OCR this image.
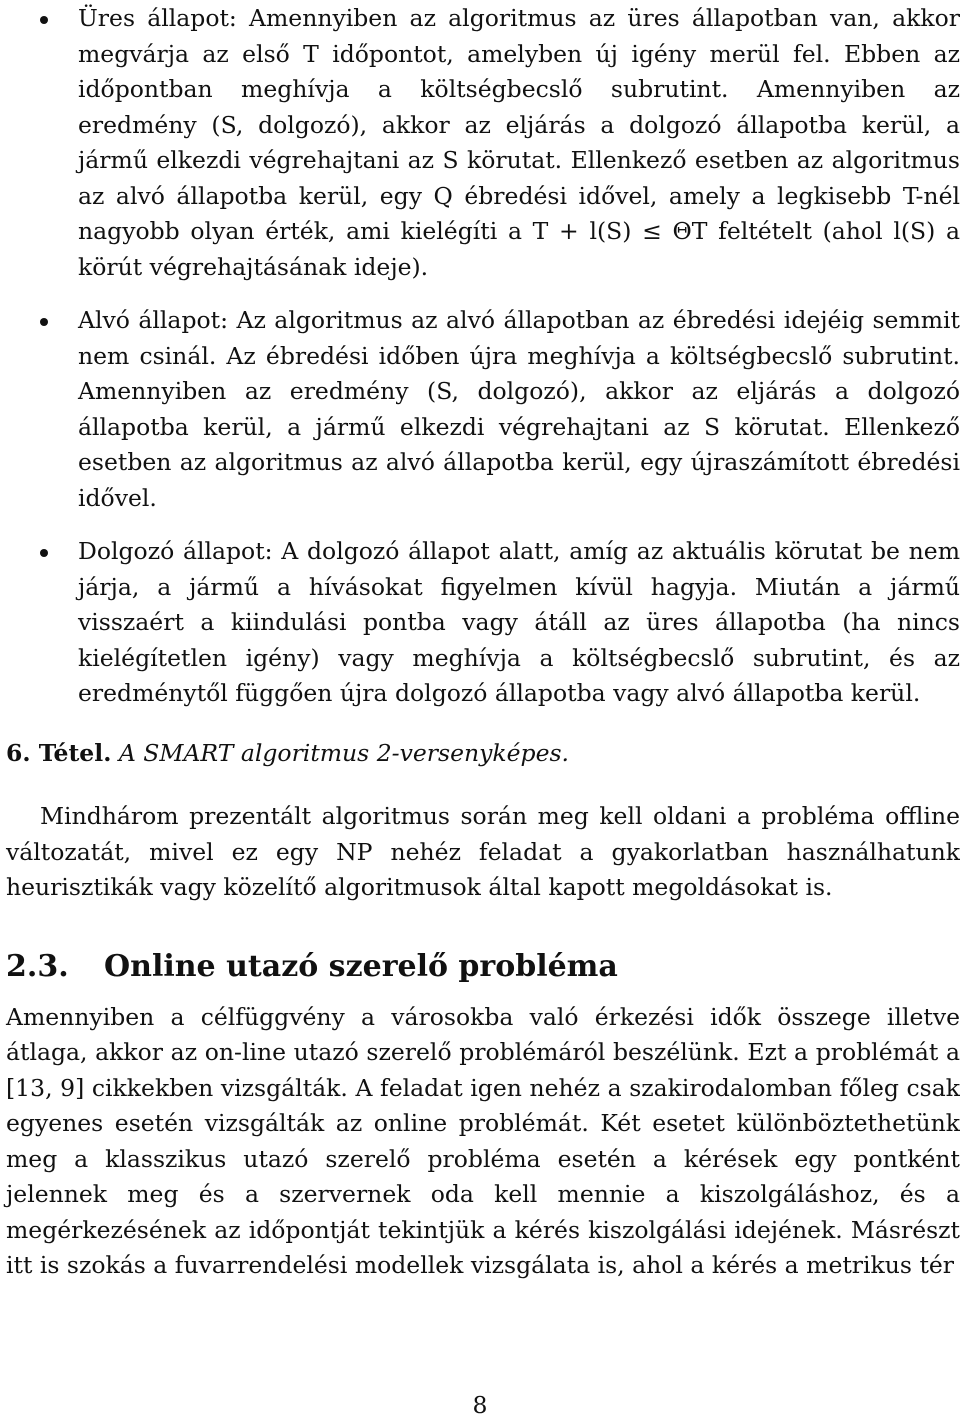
Üres állapot: Amennyiben az algoritmus az üres állapotban van, akkor megvárja az első T időpontot, amelyben új igény merül fel. Ebben az időpontban meghívja a költségbecslő subrutint. Amennyiben az eredmény (S, dolgozó), akkor az eljárás a dolgozó állapotba kerül, a jármű elkezdi végrehajtani az S körutat. Ellenkező esetben az algoritmus az alvó állapotba kerül, egy Q ébredési idővel, amely a legkisebb T-nél nagyobb olyan érték, ami kielégíti a T + l(S) ≤ ΘT feltételt (ahol l(S) a körút végrehajtásának ideje).
Alvó állapot: Az algoritmus az alvó állapotban az ébredési idejéig semmit nem csinál. Az ébredési időben újra meghívja a költségbecslő subrutint. Amennyiben az eredmény (S, dolgozó), akkor az eljárás a dolgozó állapotba kerül, a jármű elkezdi végrehajtani az S körutat. Ellenkező esetben az algoritmus az alvó állapotba kerül, egy újraszámított ébredési idővel.
Dolgozó állapot: A dolgozó állapot alatt, amíg az aktuális körutat be nem járja, a jármű a hívásokat figyelmen kívül hagyja. Miután a jármű visszaért a kiindulási pontba vagy átáll az üres állapotba (ha nincs kielégítetlen igény) vagy meghívja a költségbecslő subrutint, és az eredménytől függően újra dolgozó állapotba vagy alvó állapotba kerül.
6. Tétel. A SMART algoritmus 2-versenyképes.

Mindhárom prezentált algoritmus során meg kell oldani a probléma offline változatát, mivel ez egy NP nehéz feladat a gyakorlatban használhatunk heurisztikák vagy közelítő algoritmusok által kapott megoldásokat is.

2.3. Online utazó szerelő probléma

Amennyiben a célfüggvény a városokba való érkezési idők összege illetve átlaga, akkor az on-line utazó szerelő problémáról beszélünk. Ezt a problémát a [13, 9] cikkekben vizsgálták. A feladat igen nehéz a szakirodalomban főleg csak egyenes esetén vizsgálták az online problémát. Két esetet különböztethetünk meg a klasszikus utazó szerelő probléma esetén a kérések egy pontként jelennek meg és a szervernek oda kell mennie a kiszolgáláshoz, és a megérkezésének az időpontját tekintjük a kérés kiszolgálási idejének. Másrészt itt is szokás a fuvarrendelési modellek vizsgálata is, ahol a kérés a metrikus tér

8
